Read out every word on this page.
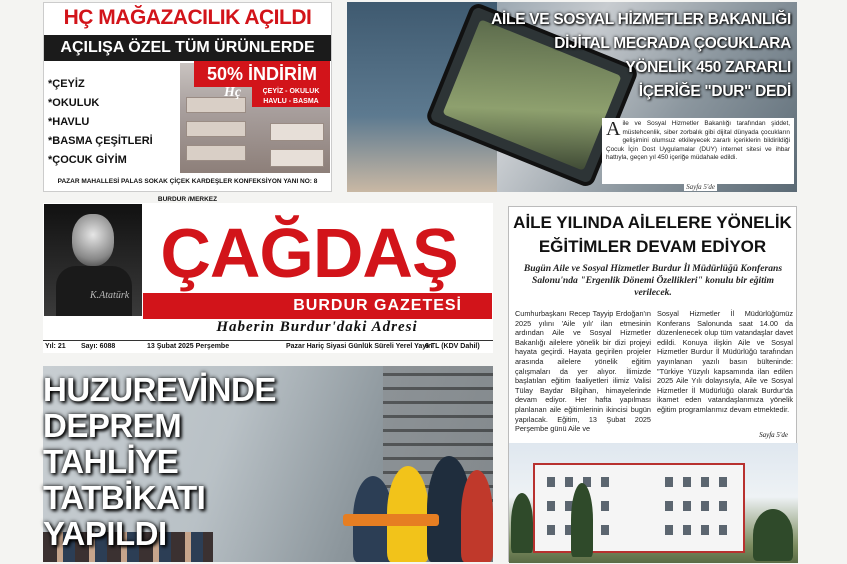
HÇ MAĞAZACILIK AÇILDI
AÇILIŞA ÖZEL TÜM ÜRÜNLERDE
*ÇEYİZ
*OKULUK
*HAVLU
*BASMA ÇEŞİTLERİ
*ÇOCUK GİYİM
50% İNDİRİM
Hç	ÇEYİZ - OKULUK HAVLU - BASMA
PAZAR MAHALLESİ PALAS SOKAK ÇİÇEK KARDEŞLER KONFEKSİYON YANI NO: 8 BURDUR /MERKEZ
AİLE VE SOSYAL HİZMETLER BAKANLIĞI
DİJİTAL MECRADA ÇOCUKLARA
YÖNELİK 450 ZARARLI
İÇERİĞE "DUR" DEDİ
Aile ve Sosyal Hizmetler Bakanlığı tarafından şiddet, müstehcenlik, siber zorbalık gibi dijital dünyada çocukların gelişimini olumsuz etkileyecek zararlı içeriklerin bildirildiği Çocuk İçin Dost Uygulamalar (DUY) internet sitesi ve ihbar hattıyla, geçen yıl 450 içeriğe müdahale edildi.
Sayfa 5'de
K.Atatürk
ÇAĞDAŞ
BURDUR GAZETESİ
Haberin Burdur'daki Adresi
Yıl: 21 Sayı: 6088	13 Şubat 2025 Perşembe	Pazar Hariç Siyasi Günlük Süreli Yerel Yayın
6 TL (KDV Dahil)
AİLE YILINDA AİLELERE YÖNELİK
EĞİTİMLER DEVAM EDİYOR
Bugün Aile ve Sosyal Hizmetler Burdur İl Müdürlüğü Konferans Salonu'nda "Ergenlik Dönemi Özellikleri" konulu bir eğitim verilecek.
Cumhurbaşkanı Recep Tayyip Erdoğan'ın 2025 yılını 'Aile yılı' ilan etmesinin ardından Aile ve Sosyal Hizmetler Bakanlığı ailelere yönelik bir dizi projeyi hayata geçirdi. Hayata geçirilen projeler arasında ailelere yönelik eğitim çalışmaları da yer alıyor. İlimizde başlatılan eğitim faaliyetleri ilimiz Valisi Tülay Baydar Bilgihan, himayelerinde devam ediyor. Her hafta yapılması planlanan aile eğitimlerinin ikincisi bugün yapılacak. Eğitim, 13 Şubat 2025 Perşembe günü Aile ve
Sosyal Hizmetler İl Müdürlüğümüz Konferans Salonunda saat 14.00 da düzenlenecek olup tüm vatandaşlar davet edildi. Konuya ilişkin Aile ve Sosyal Hizmetler Burdur İl Müdürlüğü tarafından yayınlanan yazılı basın bülteninde: "Türkiye Yüzyılı kapsamında ilan edilen 2025 Aile Yılı dolayısıyla, Aile ve Sosyal Hizmetler İl Müdürlüğü olarak Burdur'da ikamet eden vatandaşlarımıza yönelik eğitim programlarımız devam etmektedir.
Sayfa 5'de
HUZUREVİNDE DEPREM
TAHLİYE TATBİKATI
YAPILDI
